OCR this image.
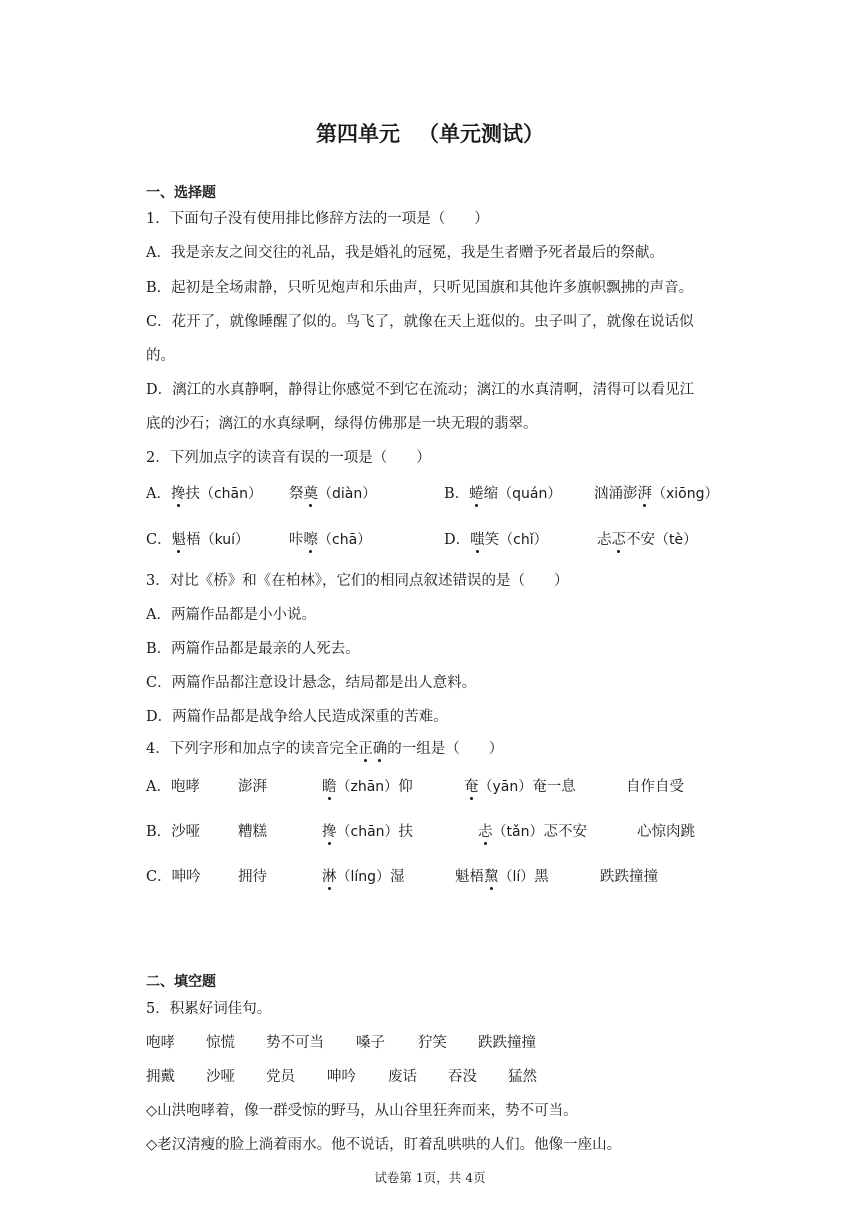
第四单元 （单元测试）
一、选择题
1．下面句子没有使用排比修辞方法的一项是（　　）
A．我是亲友之间交往的礼品，我是婚礼的冠冕，我是生者赠予死者最后的祭献。
B．起初是全场肃静，只听见炮声和乐曲声，只听见国旗和其他许多旗帜飘拂的声音。
C．花开了，就像睡醒了似的。鸟飞了，就像在天上逛似的。虫子叫了，就像在说话似
的。
D．漓江的水真静啊，静得让你感觉不到它在流动；漓江的水真清啊，清得可以看见江
底的沙石；漓江的水真绿啊，绿得仿佛那是一块无瑕的翡翠。
2．下列加点字的读音有误的一项是（　　）
A．搀扶（chān） 祭奠（diàn）	B．蜷缩（quán） 汹涌澎湃（xiōng）
C．魁梧（kuí）	咔嚓（chā）	D．嗤笑（chǐ）	忐忑不安（tè）
3．对比《桥》和《在柏林》，它们的相同点叙述错误的是（　　）
A．两篇作品都是小小说。
B．两篇作品都是最亲的人死去。
C．两篇作品都注意设计悬念，结局都是出人意料。
D．两篇作品都是战争给人民造成深重的苦难。
4．下列字形和加点字的读音完全正确的一组是（　　）
A．咆哮	澎湃	瞻（zhān）仰	奄（yān）奄一息	自作自受
B．沙哑	糟糕	搀（chān）扶	忐（tǎn）忑不安	心惊肉跳
C．呻吟	拥待	淋（líng）湿	魁梧黧（lí）黑	跌跌撞撞
二、填空题
5．积累好词佳句。
咆哮 惊慌 势不可当 嗓子 狞笑 跌跌撞撞
拥戴 沙哑 党员 呻吟 废话 吞没 猛然
◇山洪咆哮着，像一群受惊的野马，从山谷里狂奔而来，势不可当。
◇老汉清瘦的脸上淌着雨水。他不说话，盯着乱哄哄的人们。他像一座山。
试卷第 1页，共 4页
